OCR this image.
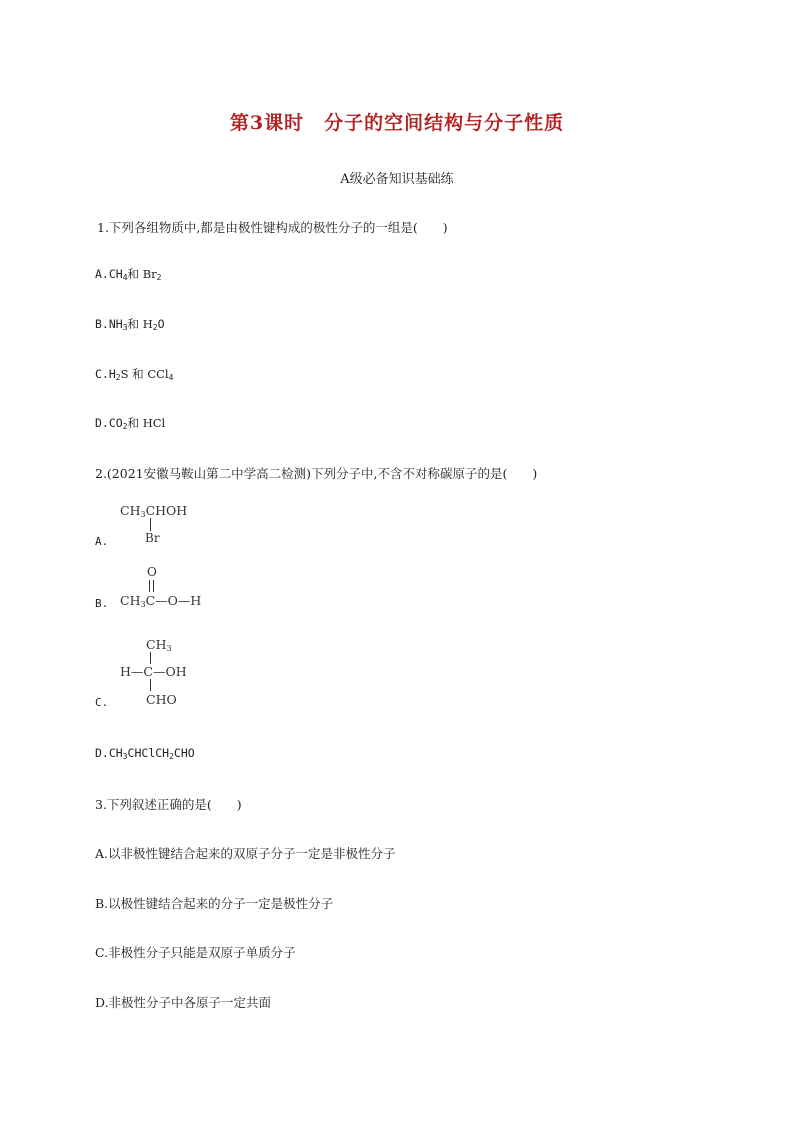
第3课时　分子的空间结构与分子性质
A级必备知识基础练
1.下列各组物质中,都是由极性键构成的极性分子的一组是(　　)
$A.CH_4$和 $Br_2$
$B.NH_3$和 $H_2O$
$C.H_2S$ 和 CCl$_4$
$D.CO_2$和 HCl
2.(2021安徽马鞍山第二中学高二检测)下列分子中,不含不对称碳原子的是(　　)
$CH_3CHOH$
Br
A.
O
$CH_3C—O—H$
B.
$CH_3$
H—C—OH
CHO
C.
$D.CH_3CHClCH_2CHO$
3.下列叙述正确的是(　　)
A.以非极性键结合起来的双原子分子一定是非极性分子
B.以极性键结合起来的分子一定是极性分子
C.非极性分子只能是双原子单质分子
D.非极性分子中各原子一定共面
